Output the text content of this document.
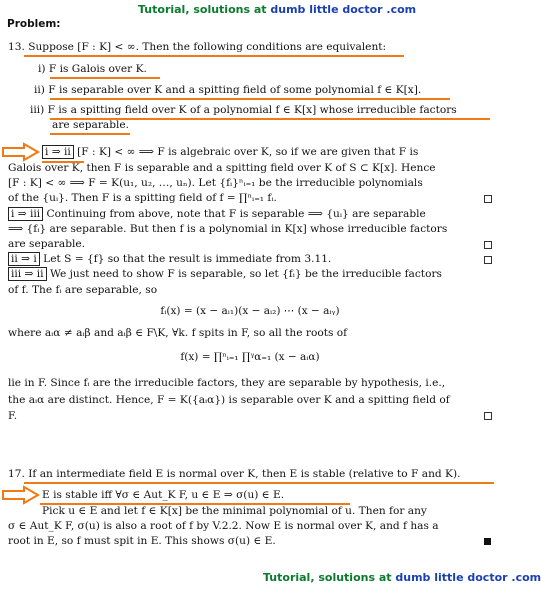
Tutorial, solutions at dumb little doctor .com
Problem:
13. Suppose [F : K] < ∞. Then the following conditions are equivalent:
i) F is Galois over K.
ii) F is separable over K and a spitting field of some polynomial f ∈ K[x].
iii) F is a spitting field over K of a polynomial f ∈ K[x] whose irreducible factors
are separable.
i ⇒ ii [F : K] < ∞ ⟹ F is algebraic over K, so if we are given that F is
Galois over K, then F is separable and a spitting field over K of S ⊂ K[x]. Hence
[F : K] < ∞ ⟹ F = K(u₁, u₂, …, uₙ). Let {fᵢ}ⁿᵢ₌₁ be the irreducible polynomials
of the {uᵢ}. Then F is a spitting field of f = ∏ⁿᵢ₌₁ fᵢ.
i ⇒ iii Continuing from above, note that F is separable ⟹ {uᵢ} are separable
⟹ {fᵢ} are separable. But then f is a polynomial in K[x] whose irreducible factors
are separable.
ii ⇒ i Let S = {f} so that the result is immediate from 3.11.
iii ⇒ ii We just need to show F is separable, so let {fᵢ} be the irreducible factors
of f. The fᵢ are separable, so
fᵢ(x) = (x − aᵢ₁)(x − aᵢ₂) ⋯ (x − aᵢᵧ)
where aᵢα ≠ aᵢβ and aᵢβ ∈ F\K, ∀k. f spits in F, so all the roots of
f(x) = ∏ⁿᵢ₌₁ ∏ᵞα₌₁ (x − aᵢα)
lie in F. Since fᵢ are the irreducible factors, they are separable by hypothesis, i.e.,
the aᵢα are distinct. Hence, F = K({aᵢα}) is separable over K and a spitting field of
F.
17. If an intermediate field E is normal over K, then E is stable (relative to F and K).
E is stable iff ∀σ ∈ Aut_K F, u ∈ E ⇒ σ(u) ∈ E.
Pick u ∈ E and let f ∈ K[x] be the minimal polynomial of u. Then for any
σ ∈ Aut_K F, σ(u) is also a root of f by V.2.2. Now E is normal over K, and f has a
root in E, so f must spit in E. This shows σ(u) ∈ E.
Tutorial, solutions at dumb little doctor .com
